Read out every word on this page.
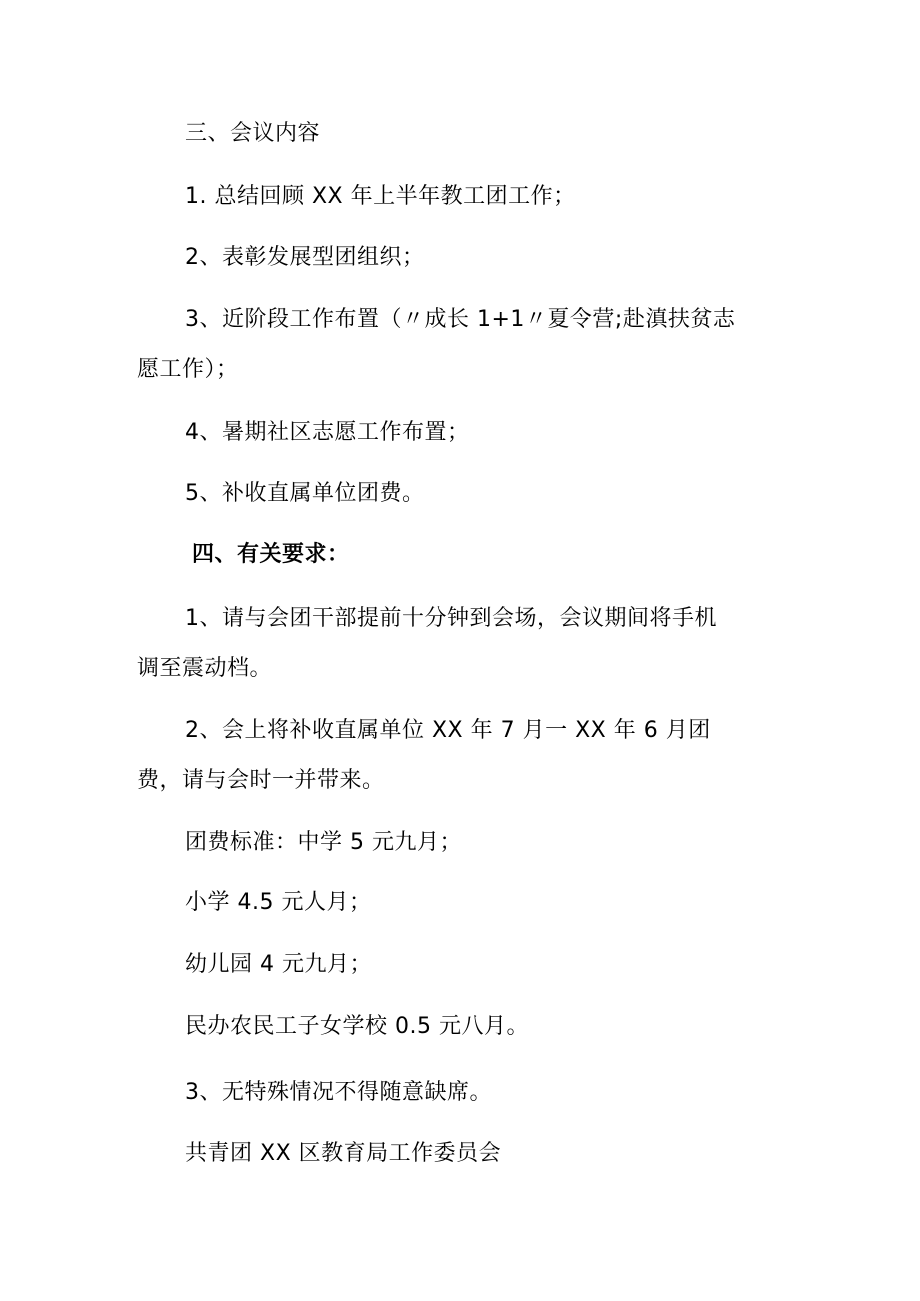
三、会议内容
1. 总结回顾 XX 年上半年教工团工作；
2、表彰发展型团组织；
3、近阶段工作布置（〃成长 1+1〃夏令营;赴滇扶贫志
愿工作）；
4、暑期社区志愿工作布置；
5、补收直属单位团费。
四、有关要求：
1、请与会团干部提前十分钟到会场，会议期间将手机
调至震动档。
2、会上将补收直属单位 XX 年 7 月一 XX 年 6 月团
费，请与会时一并带来。
团费标准：中学 5 元九月；
小学 4.5 元人月；
幼儿园 4 元九月；
民办农民工子女学校 0.5 元八月。
3、无特殊情况不得随意缺席。
共青团 XX 区教育局工作委员会
